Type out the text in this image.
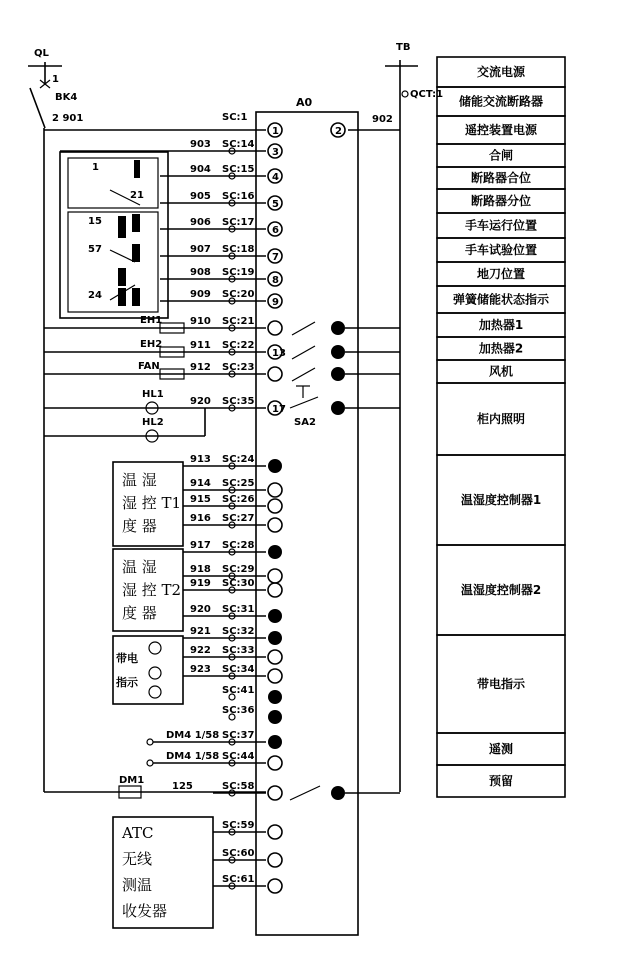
QL
1
BK4
2 901
TB
QCT:1
902
A0
SC:1
1	2
1
21
15
57
24
EH1
EH2
FAN
HL1
HL2	SA2
温 湿
湿 控 T1
度 器
温 湿
湿 控 T2
度 器
带电
指示
DM4 1/58
DM4 1/58
DM1
125
ATC
无线
测温
收发器
903 SC:14
3
904 SC:15
4
905 SC:16
5
906 SC:17
6
907 SC:18
7
908 SC:19
8
909 SC:20
9
910 SC:21
911 SC:22
13
912 SC:23
920 SC:35
17
913 SC:24
914 SC:25
915 SC:26
916 SC:27
917 SC:28
918 SC:29
919 SC:30
920 SC:31
921 SC:32
922 SC:33
923 SC:34
SC:41
SC:36
SC:37
SC:44
SC:58
SC:59
SC:60
SC:61
交流电源
储能交流断路器
遥控装置电源
合闸
断路器合位
断路器分位
手车运行位置
手车试验位置
地刀位置
弹簧储能状态指示
加热器1
加热器2
风机
柜内照明
温湿度控制器1
温湿度控制器2
带电指示
遥测
预留
